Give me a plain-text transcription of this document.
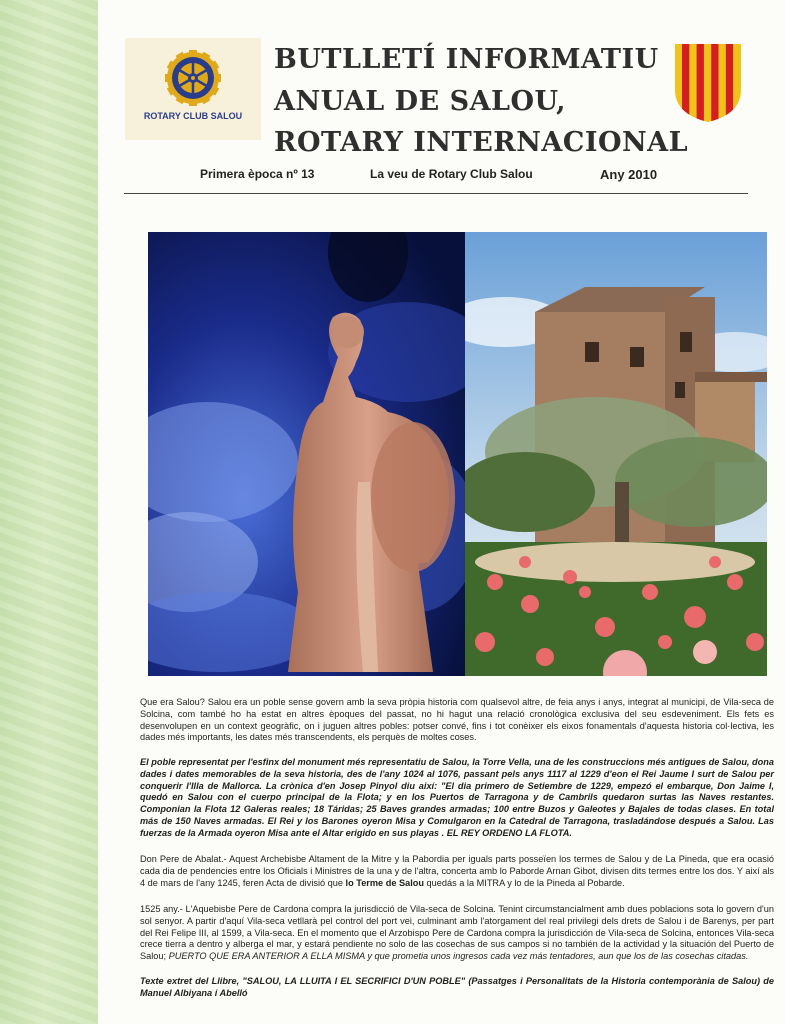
ROTARY CLUB SALOU
BUTLLETÍ INFORMATIU
ANUAL DE SALOU,
ROTARY INTERNACIONAL
Primera època nº 13	La veu de Rotary Club Salou	Any 2010
Que era Salou? Salou era un poble sense govern amb la seva pròpia historia com qualsevol altre, de feia anys i anys, integrat al municipi, de Vila-seca de Solcina, com també ho ha estat en altres èpoques del passat, no hi hagut una relació cronològica exclusiva del seu esdeveniment. Els fets es desenvolupen en un context geogràfic, on i juguen altres pobles: potser convé, fins i tot conèixer els eixos fonamentals d'aquesta historia col·lectiva, les dades més importants, les dates més transcendents, els perquès de moltes coses.
El poble representat per l'esfinx del monument més representatiu de Salou, la Torre Vella, una de les construccions més antigues de Salou, dona dades i dates memorables de la seva historia, des de l'any 1024 al 1076, passant pels anys 1117 al 1229 d'eon el Rei Jaume I surt de Salou per conquerir l'Illa de Mallorca. La crònica d'en Josep Pinyol diu així: "El dia primero de Setiembre de 1229, empezó el embarque, Don Jaime I, quedó en Salou con el cuerpo principal de la Flota; y en los Puertos de Tarragona y de Cambrils quedaron surtas las Naves restantes. Componian la Flota 12 Galeras reales; 18 Táridas; 25 Baves grandes armadas; 100 entre Buzos y Galeotes y Bajales de todas clases. En total más de 150 Naves armadas. El Rei y los Barones oyeron Misa y Comulgaron en la Catedral de Tarragona, trasladándose después a Salou. Las fuerzas de la Armada oyeron Misa ante el Altar erigido en sus playas . EL REY ORDENO LA FLOTA.
Don Pere de Abalat.- Aquest Archebisbe Altament de la Mitre y la Pabordia per iguals parts posseïen los termes de Salou y de La Pineda, que era ocasió cada dia de pendencies entre los Oficials i Ministres de la una y de l'altra, concerta amb lo Paborde Arnan Gibot, divisen dits termes entre los dos. Y així als 4 de mars de l'any 1245, feren Acta de divisió que lo Terme de Salou quedás a la MITRA y lo de la Pineda al Pobarde.
1525 any.- L'Aquebisbe Pere de Cardona compra la jurisdicció de Vila-seca de Solcina. Tenint circumstancialment amb dues poblacions sota lo govern d'un sol senyor. A partir d'aquí Vila-seca vetllarà pel control del port vei, culminant amb l'atorgament del real privilegi dels drets de Salou i de Barenys, per part del Rei Felipe III, al 1599, a Vila-seca. En el momento que el Arzobispo Pere de Cardona compra la jurisdicción de Vila-seca de Solcina, entonces Vila-seca crece tierra a dentro y alberga el mar, y estará pendiente no solo de las cosechas de sus campos si no también de la actividad y la situación del Puerto de Salou; PUERTO QUE ERA ANTERIOR A ELLA MISMA y que prometia unos ingresos cada vez más tentadores, aun que los de las cosechas citadas.
Texte extret del Llibre, "SALOU, LA LLUITA I EL SECRIFICI D'UN POBLE" (Passatges i Personalitats de la Historia contemporània de Salou) de Manuel Albiyana i Abelló
